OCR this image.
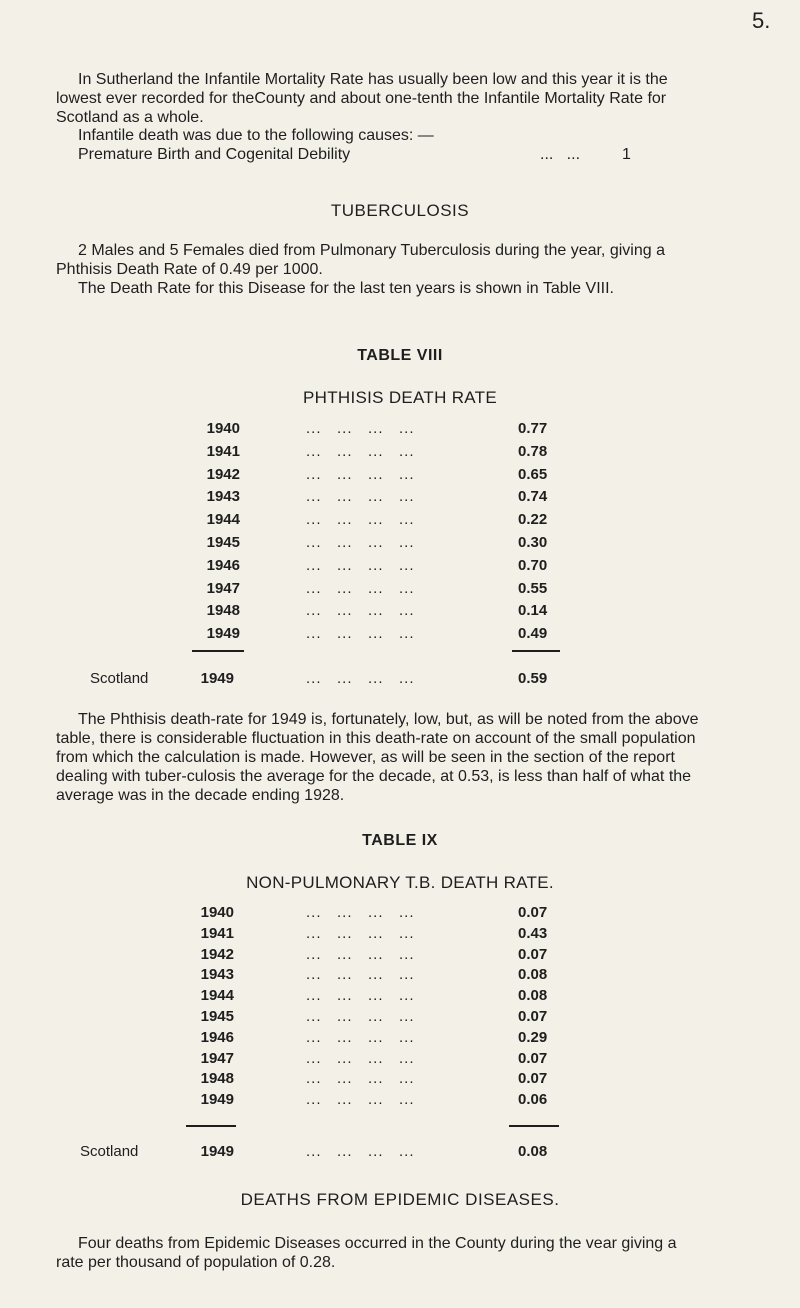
5.

In Sutherland the Infantile Mortality Rate has usually been low and this year it is the lowest ever recorded for theCounty and about one-tenth the Infantile Mortality Rate for Scotland as a whole.

Infantile death was due to the following causes: —
Premature Birth and Cogenital Debility	...   ...	1
TUBERCULOSIS

2 Males and 5 Females died from Pulmonary Tuberculosis during the year, giving a Phthisis Death Rate of 0.49 per 1000.

The Death Rate for this Disease for the last ten years is shown in Table VIII.

TABLE VIII
PHTHISIS DEATH RATE
1940	...   ...   ...   ...	0.77
1941	...   ...   ...   ...	0.78
1942	...   ...   ...   ...	0.65
1943	...   ...   ...   ...	0.74
1944	...   ...   ...   ...	0.22
1945	...   ...   ...   ...	0.30
1946	...   ...   ...   ...	0.70
1947	...   ...   ...   ...	0.55
1948	...   ...   ...   ...	0.14
1949	...   ...   ...   ...	0.49
Scotland	1949	...   ...   ...   ...	0.59

The Phthisis death-rate for 1949 is, fortunately, low, but, as will be noted from the above table, there is considerable fluctuation in this death-rate on account of the small population from which the calculation is made. However, as will be seen in the section of the report dealing with tuber-culosis the average for the decade, at 0.53, is less than half of what the average was in the decade ending 1928.

TABLE IX
NON-PULMONARY T.B. DEATH RATE.
1940	...   ...   ...   ...	0.07
1941	...   ...   ...   ...	0.43
1942	...   ...   ...   ...	0.07
1943	...   ...   ...   ...	0.08
1944	...   ...   ...   ...	0.08
1945	...   ...   ...   ...	0.07
1946	...   ...   ...   ...	0.29
1947	...   ...   ...   ...	0.07
1948	...   ...   ...   ...	0.07
1949	...   ...   ...   ...	0.06
Scotland	1949	...   ...   ...   ...	0.08
DEATHS FROM EPIDEMIC DISEASES.

Four deaths from Epidemic Diseases occurred in the County during the vear giving a rate per thousand of population of 0.28.
